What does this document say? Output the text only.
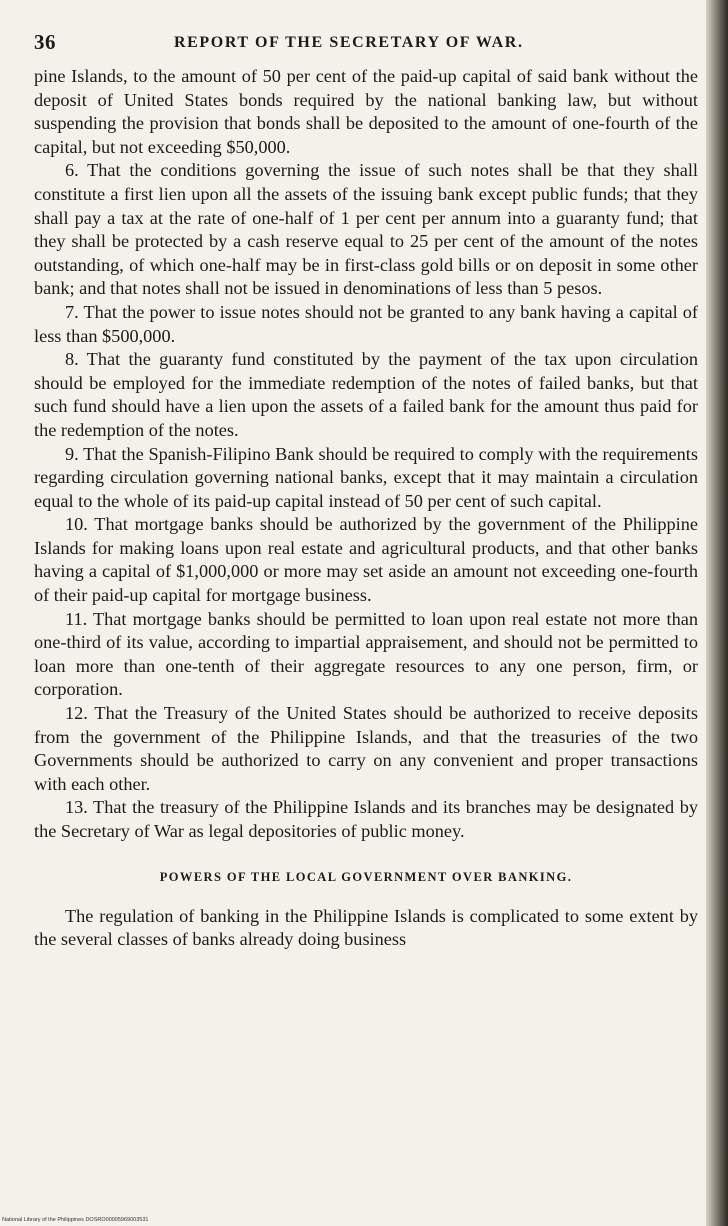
36	REPORT OF THE SECRETARY OF WAR.

pine Islands, to the amount of 50 per cent of the paid-up capital of said bank without the deposit of United States bonds required by the national banking law, but without suspending the provision that bonds shall be deposited to the amount of one-fourth of the capital, but not exceeding $50,000.

6. That the conditions governing the issue of such notes shall be that they shall constitute a first lien upon all the assets of the issuing bank except public funds; that they shall pay a tax at the rate of one-half of 1 per cent per annum into a guaranty fund; that they shall be protected by a cash reserve equal to 25 per cent of the amount of the notes outstanding, of which one-half may be in first-class gold bills or on deposit in some other bank; and that notes shall not be issued in denominations of less than 5 pesos.

7. That the power to issue notes should not be granted to any bank having a capital of less than $500,000.

8. That the guaranty fund constituted by the payment of the tax upon circulation should be employed for the immediate redemption of the notes of failed banks, but that such fund should have a lien upon the assets of a failed bank for the amount thus paid for the redemption of the notes.

9. That the Spanish-Filipino Bank should be required to comply with the requirements regarding circulation governing national banks, except that it may maintain a circulation equal to the whole of its paid-up capital instead of 50 per cent of such capital.

10. That mortgage banks should be authorized by the government of the Philippine Islands for making loans upon real estate and agricultural products, and that other banks having a capital of $1,000,000 or more may set aside an amount not exceeding one-fourth of their paid-up capital for mortgage business.

11. That mortgage banks should be permitted to loan upon real estate not more than one-third of its value, according to impartial appraisement, and should not be permitted to loan more than one-tenth of their aggregate resources to any one person, firm, or corporation.

12. That the Treasury of the United States should be authorized to receive deposits from the government of the Philippine Islands, and that the treasuries of the two Governments should be authorized to carry on any convenient and proper transactions with each other.

13. That the treasury of the Philippine Islands and its branches may be designated by the Secretary of War as legal depositories of public money.

POWERS OF THE LOCAL GOVERNMENT OVER BANKING.

The regulation of banking in the Philippine Islands is complicated to some extent by the several classes of banks already doing business

National Library of the Philippines DOSRO00005969003531
